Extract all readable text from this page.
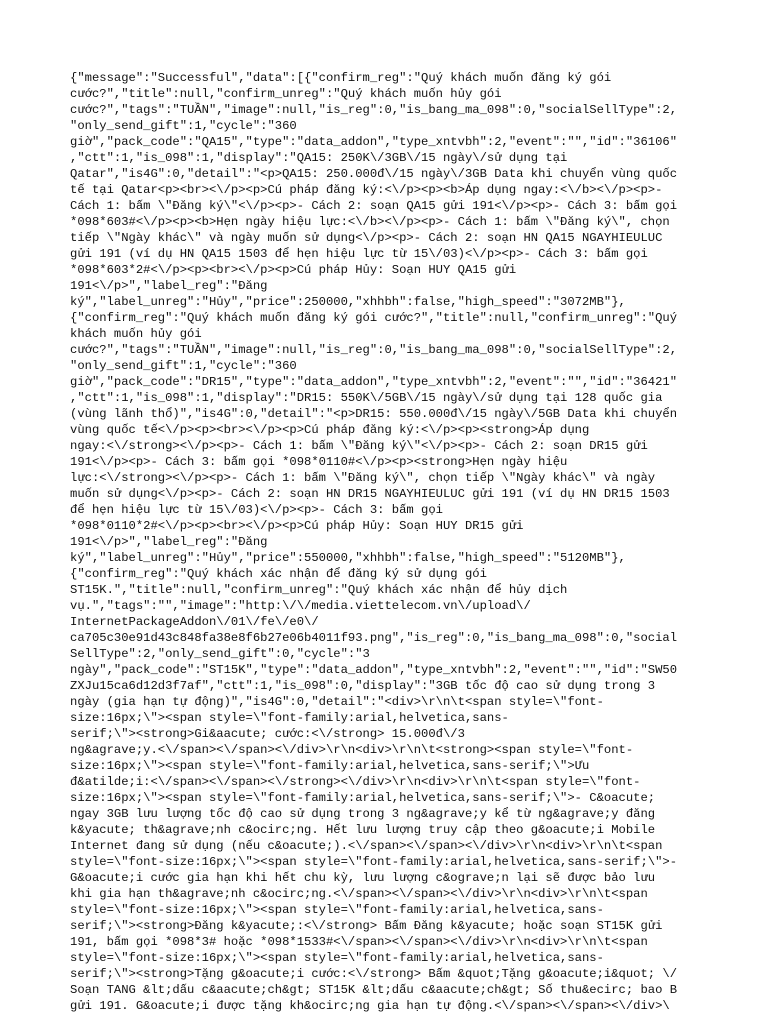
{"message":"Successful","data":[{"confirm_reg":"Quý khách muốn đăng ký gói
cước?","title":null,"confirm_unreg":"Quý khách muốn hủy gói
cước?","tags":"TUẦN","image":null,"is_reg":0,"is_bang_ma_098":0,"socialSellType":2,
"only_send_gift":1,"cycle":"360
giờ","pack_code":"QA15","type":"data_addon","type_xntvbh":2,"event":"","id":"36106"
,"ctt":1,"is_098":1,"display":"QA15: 250K\/3GB\/15 ngày\/sử dụng tại
Qatar","is4G":0,"detail":"<p>QA15: 250.000đ\/15 ngày\/3GB Data khi chuyển vùng quốc
tế tại Qatar<p><br><\/p><p>Cú pháp đăng ký:<\/p><p><b>Áp dụng ngay:<\/b><\/p><p>-
Cách 1: bấm \"Đăng ký\"<\/p><p>- Cách 2: soạn QA15 gửi 191<\/p><p>- Cách 3: bấm gọi
*098*603#<\/p><p><b>Hẹn ngày hiệu lực:<\/b><\/p><p>- Cách 1: bấm \"Đăng ký\", chọn
tiếp \"Ngày khác\" và ngày muốn sử dụng<\/p><p>- Cách 2: soạn HN QA15 NGAYHIEULUC
gửi 191 (ví dụ HN QA15 1503 để hẹn hiệu lực từ 15\/03)<\/p><p>- Cách 3: bấm gọi
*098*603*2#<\/p><p><br><\/p><p>Cú pháp Hủy: Soạn HUY QA15 gửi
191<\/p>","label_reg":"Đăng
ký","label_unreg":"Hủy","price":250000,"xhhbh":false,"high_speed":"3072MB"},
{"confirm_reg":"Quý khách muốn đăng ký gói cước?","title":null,"confirm_unreg":"Quý
khách muốn hủy gói
cước?","tags":"TUẦN","image":null,"is_reg":0,"is_bang_ma_098":0,"socialSellType":2,
"only_send_gift":1,"cycle":"360
giờ","pack_code":"DR15","type":"data_addon","type_xntvbh":2,"event":"","id":"36421"
,"ctt":1,"is_098":1,"display":"DR15: 550K\/5GB\/15 ngày\/sử dụng tại 128 quốc gia
(vùng lãnh thổ)","is4G":0,"detail":"<p>DR15: 550.000đ\/15 ngày\/5GB Data khi chuyển
vùng quốc tế<\/p><p><br><\/p><p>Cú pháp đăng ký:<\/p><p><strong>Áp dụng
ngay:<\/strong><\/p><p>- Cách 1: bấm \"Đăng ký\"<\/p><p>- Cách 2: soạn DR15 gửi
191<\/p><p>- Cách 3: bấm gọi *098*0110#<\/p><p><strong>Hẹn ngày hiệu
lực:<\/strong><\/p><p>- Cách 1: bấm \"Đăng ký\", chọn tiếp \"Ngày khác\" và ngày
muốn sử dụng<\/p><p>- Cách 2: soạn HN DR15 NGAYHIEULUC gửi 191 (ví dụ HN DR15 1503
để hẹn hiệu lực từ 15\/03)<\/p><p>- Cách 3: bấm gọi
*098*0110*2#<\/p><p><br><\/p><p>Cú pháp Hủy: Soạn HUY DR15 gửi
191<\/p>","label_reg":"Đăng
ký","label_unreg":"Hủy","price":550000,"xhhbh":false,"high_speed":"5120MB"},
{"confirm_reg":"Quý khách xác nhận để đăng ký sử dụng gói
ST15K.","title":null,"confirm_unreg":"Quý khách xác nhận để hủy dịch
vụ.","tags":"","image":"http:\/\/media.viettelecom.vn\/upload\/
InternetPackageAddon\/01\/fe\/e0\/
ca705c30e91d43c848fa38e8f6b27e06b4011f93.png","is_reg":0,"is_bang_ma_098":0,"social
SellType":2,"only_send_gift":0,"cycle":"3
ngày","pack_code":"ST15K","type":"data_addon","type_xntvbh":2,"event":"","id":"SW50
ZXJu15ca6d12d3f7af","ctt":1,"is_098":0,"display":"3GB tốc độ cao sử dụng trong 3
ngày (gia hạn tự động)","is4G":0,"detail":"<div>\r\n\t<span style=\"font-
size:16px;\"><span style=\"font-family:arial,helvetica,sans-
serif;\"><strong>Gi&aacute; cước:<\/strong> 15.000đ\/3
ng&agrave;y.<\/span><\/span><\/div>\r\n<div>\r\n\t<strong><span style=\"font-
size:16px;\"><span style=\"font-family:arial,helvetica,sans-serif;\">Ưu
đ&atilde;i:<\/span><\/span><\/strong><\/div>\r\n<div>\r\n\t<span style=\"font-
size:16px;\"><span style=\"font-family:arial,helvetica,sans-serif;\">- C&oacute;
ngay 3GB lưu lượng tốc độ cao sử dụng trong 3 ng&agrave;y kể từ ng&agrave;y đăng
k&yacute; th&agrave;nh c&ocirc;ng. Hết lưu lượng truy cập theo g&oacute;i Mobile
Internet đang sử dụng (nếu c&oacute;).<\/span><\/span><\/div>\r\n<div>\r\n\t<span
style=\"font-size:16px;\"><span style=\"font-family:arial,helvetica,sans-serif;\">-
G&oacute;i cước gia hạn khi hết chu kỳ, lưu lượng c&ograve;n lại sẽ được bảo lưu
khi gia hạn th&agrave;nh c&ocirc;ng.<\/span><\/span><\/div>\r\n<div>\r\n\t<span
style=\"font-size:16px;\"><span style=\"font-family:arial,helvetica,sans-
serif;\"><strong>Đăng k&yacute;:<\/strong> Bấm Đăng k&yacute; hoặc soạn ST15K gửi
191, bấm gọi *098*3# hoặc *098*1533#<\/span><\/span><\/div>\r\n<div>\r\n\t<span
style=\"font-size:16px;\"><span style=\"font-family:arial,helvetica,sans-
serif;\"><strong>Tặng g&oacute;i cước:<\/strong> Bấm &quot;Tặng g&oacute;i&quot; \/
Soạn TANG &lt;dấu c&aacute;ch&gt; ST15K &lt;dấu c&aacute;ch&gt; Số thu&ecirc; bao B
gửi 191. G&oacute;i được tặng kh&ocirc;ng gia hạn tự động.<\/span><\/span><\/div>\
